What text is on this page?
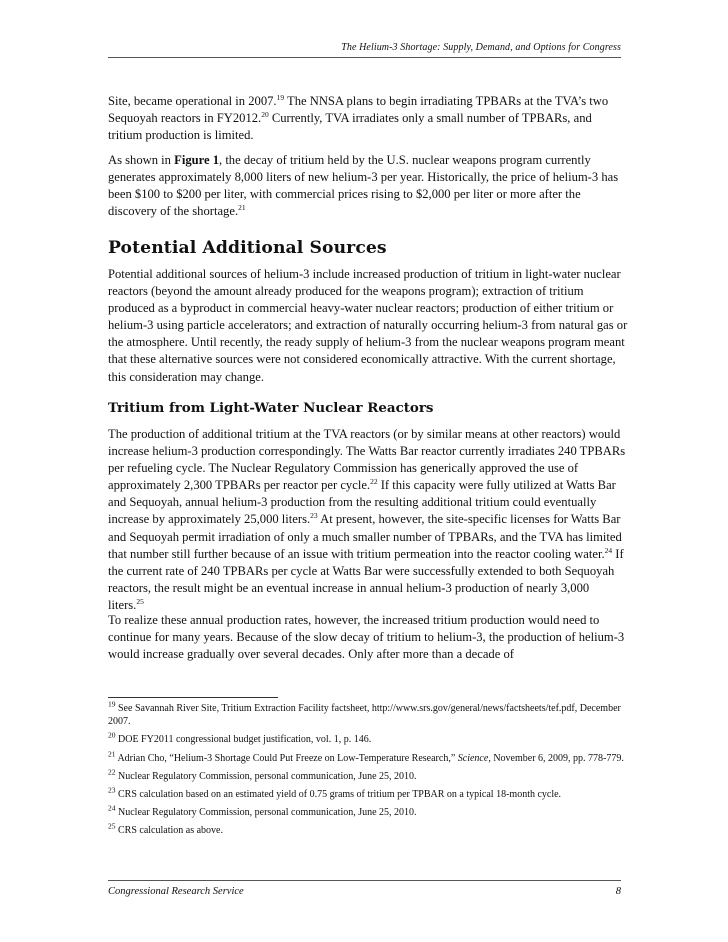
The Helium-3 Shortage: Supply, Demand, and Options for Congress

Site, became operational in 2007.19 The NNSA plans to begin irradiating TPBARs at the TVA’s two Sequoyah reactors in FY2012.20 Currently, TVA irradiates only a small number of TPBARs, and tritium production is limited.

As shown in Figure 1, the decay of tritium held by the U.S. nuclear weapons program currently generates approximately 8,000 liters of new helium-3 per year. Historically, the price of helium-3 has been $100 to $200 per liter, with commercial prices rising to $2,000 per liter or more after the discovery of the shortage.$^{21}$

Potential Additional Sources

Potential additional sources of helium-3 include increased production of tritium in light-water nuclear reactors (beyond the amount already produced for the weapons program); extraction of tritium produced as a byproduct in commercial heavy-water nuclear reactors; production of either tritium or helium-3 using particle accelerators; and extraction of naturally occurring helium-3 from natural gas or the atmosphere. Until recently, the ready supply of helium-3 from the nuclear weapons program meant that these alternative sources were not considered economically attractive. With the current shortage, this consideration may change.

Tritium from Light-Water Nuclear Reactors

The production of additional tritium at the TVA reactors (or by similar means at other reactors) would increase helium-3 production correspondingly. The Watts Bar reactor currently irradiates 240 TPBARs per refueling cycle. The Nuclear Regulatory Commission has generically approved the use of approximately 2,300 TPBARs per reactor per cycle.$^{22}$ If this capacity were fully utilized at Watts Bar and Sequoyah, annual helium-3 production from the resulting additional tritium could eventually increase by approximately 25,000 liters.$^{23}$ At present, however, the site-specific licenses for Watts Bar and Sequoyah permit irradiation of only a much smaller number of TPBARs, and the TVA has limited that number still further because of an issue with tritium permeation into the reactor cooling water.$^{24}$ If the current rate of 240 TPBARs per cycle at Watts Bar were successfully extended to both Sequoyah reactors, the result might be an eventual increase in annual helium-3 production of nearly 3,000 liters.$^{25}$

To realize these annual production rates, however, the increased tritium production would need to continue for many years. Because of the slow decay of tritium to helium-3, the production of helium-3 would increase gradually over several decades. Only after more than a decade of

$^{19}$ See Savannah River Site, Tritium Extraction Facility factsheet, http://www.srs.gov/general/news/factsheets/tef.pdf, December 2007.

$^{20}$ DOE FY2011 congressional budget justification, vol. 1, p. 146.

$^{21}$ Adrian Cho, “Helium-3 Shortage Could Put Freeze on Low-Temperature Research,” Science, November 6, 2009, pp. 778-779.

$^{22}$ Nuclear Regulatory Commission, personal communication, June 25, 2010.

$^{23}$ CRS calculation based on an estimated yield of 0.75 grams of tritium per TPBAR on a typical 18-month cycle.

$^{24}$ Nuclear Regulatory Commission, personal communication, June 25, 2010.

$^{25}$ CRS calculation as above.

Congressional Research Service	8
